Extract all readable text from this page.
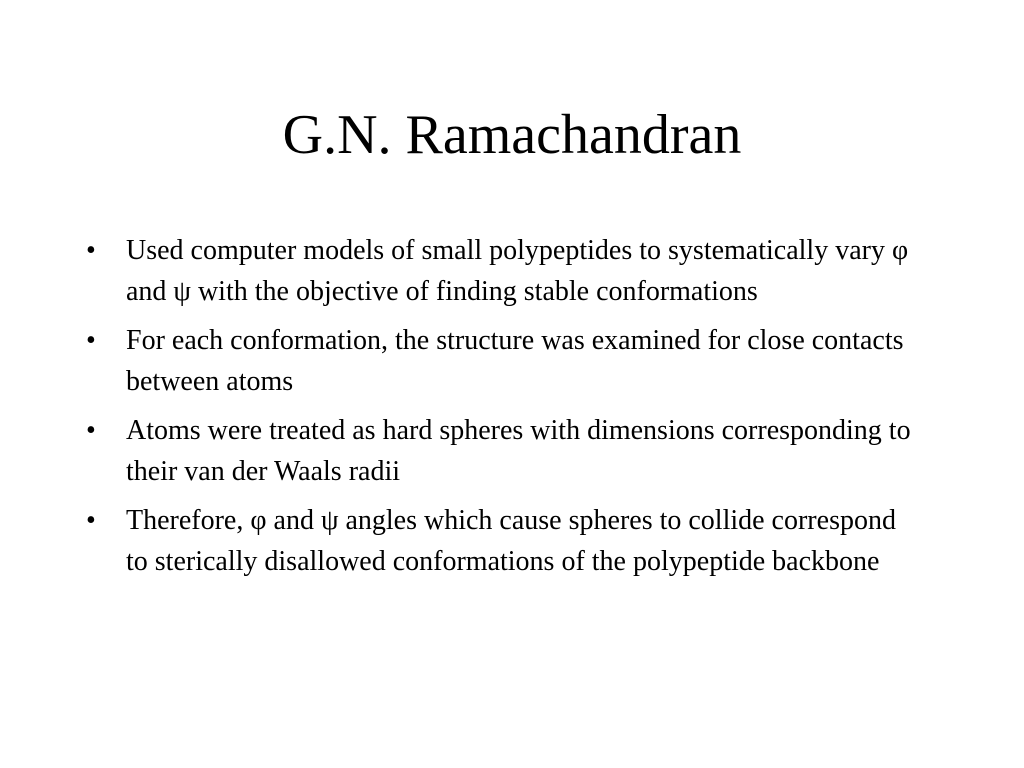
G.N. Ramachandran
• Used computer models of small polypeptides to systematically vary φ and ψ with the objective of finding stable conformations
• For each conformation, the structure was examined for close contacts between atoms
• Atoms were treated as hard spheres with dimensions corresponding to their van der Waals radii
• Therefore, φ and ψ angles which cause spheres to collide correspond to sterically disallowed conformations of the polypeptide backbone
